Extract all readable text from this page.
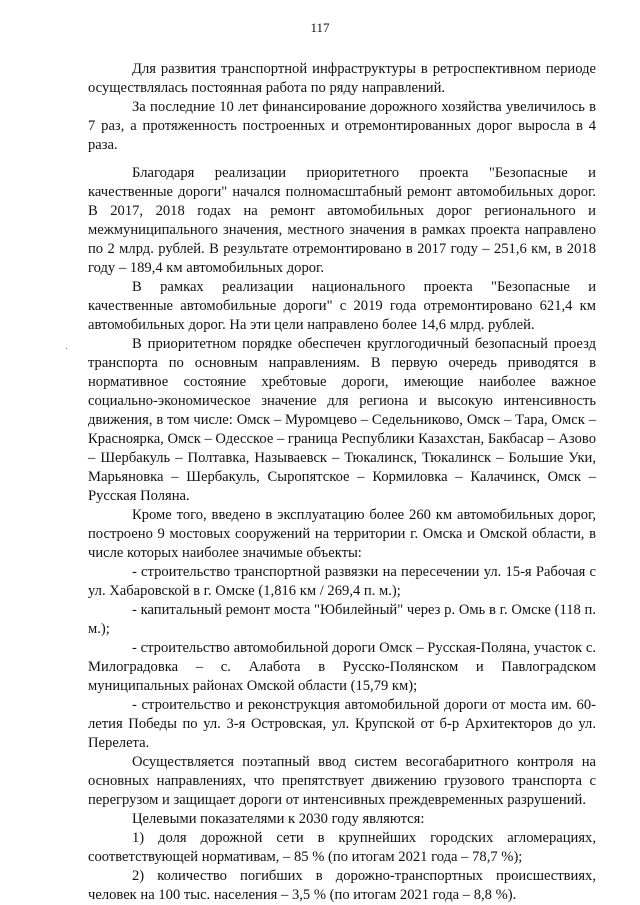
117

Для развития транспортной инфраструктуры в ретроспективном периоде осуществлялась постоянная работа по ряду направлений.

За последние 10 лет финансирование дорожного хозяйства увеличилось в 7 раз, а протяженность построенных и отремонтированных дорог выросла в 4 раза.

Благодаря реализации приоритетного проекта "Безопасные и качественные дороги" начался полномасштабный ремонт автомобильных дорог. В 2017, 2018 годах на ремонт автомобильных дорог регионального и межмуниципального значения, местного значения в рамках проекта направлено по 2 млрд. рублей. В результате отремонтировано в 2017 году – 251,6 км, в 2018 году – 189,4 км автомобильных дорог.

В рамках реализации национального проекта "Безопасные и качественные автомобильные дороги" с 2019 года отремонтировано 621,4 км автомобильных дорог. На эти цели направлено более 14,6 млрд. рублей.

В приоритетном порядке обеспечен круглогодичный безопасный проезд транспорта по основным направлениям. В первую очередь приводятся в нормативное состояние хребтовые дороги, имеющие наиболее важное социально-экономическое значение для региона и высокую интенсивность движения, в том числе: Омск – Муромцево – Седельниково, Омск – Тара, Омск – Красноярка, Омск – Одесское – граница Республики Казахстан, Бакбасар – Азово – Шербакуль – Полтавка, Называевск – Тюкалинск, Тюкалинск – Большие Уки, Марьяновка – Шербакуль, Сыропятское – Кормиловка – Калачинск, Омск – Русская Поляна.

Кроме того, введено в эксплуатацию более 260 км автомобильных дорог, построено 9 мостовых сооружений на территории г. Омска и Омской области, в числе которых наиболее значимые объекты:

- строительство транспортной развязки на пересечении ул. 15-я Рабочая с ул. Хабаровской в г. Омске (1,816 км / 269,4 п. м.);

- капитальный ремонт моста "Юбилейный" через р. Омь в г. Омске (118 п. м.);

- строительство автомобильной дороги Омск – Русская-Поляна, участок с. Милоградовка – с. Алабота в Русско-Полянском и Павлоградском муниципальных районах Омской области (15,79 км);

- строительство и реконструкция автомобильной дороги от моста им. 60-летия Победы по ул. 3-я Островская, ул. Крупской от б-р Архитекторов до ул. Перелета.

Осуществляется поэтапный ввод систем весогабаритного контроля на основных направлениях, что препятствует движению грузового транспорта с перегрузом и защищает дороги от интенсивных преждевременных разрушений.

Целевыми показателями к 2030 году являются:

1) доля дорожной сети в крупнейших городских агломерациях, соответствующей нормативам, – 85 % (по итогам 2021 года – 78,7 %);

2) количество погибших в дорожно-транспортных происшествиях, человек на 100 тыс. населения – 3,5 % (по итогам 2021 года – 8,8 %).
